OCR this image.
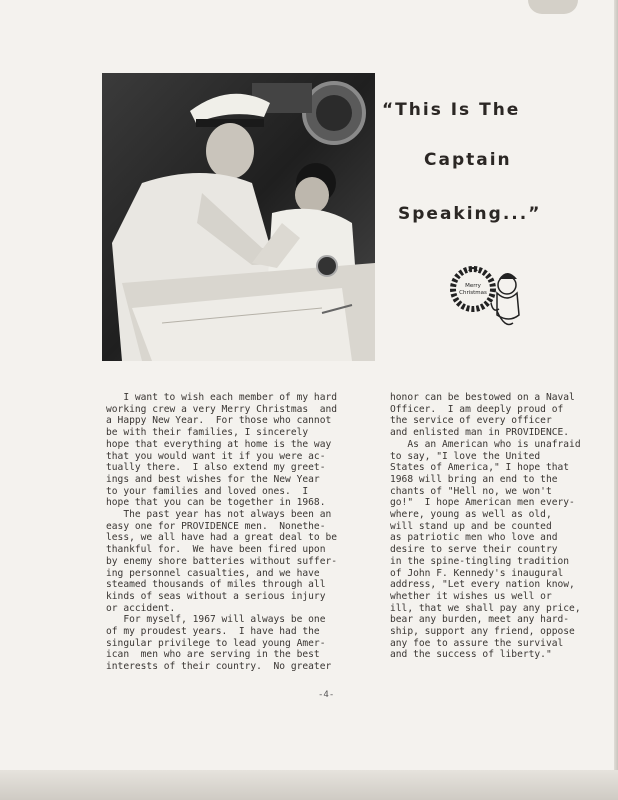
“This Is The
Captain
Speaking...”
Merry
Christmas

I want to wish each member of my hard

working crew a very Merry Christmas  and

a Happy New Year.  For those who cannot

be with their families, I sincerely

hope that everything at home is the way

that you would want it if you were ac-

tually there.  I also extend my greet-

ings and best wishes for the New Year

to your families and loved ones.  I

hope that you can be together in 1968.

The past year has not always been an

easy one for PROVIDENCE men.  Nonethe-

less, we all have had a great deal to be

thankful for.  We have been fired upon

by enemy shore batteries without suffer-

ing personnel casualties, and we have

steamed thousands of miles through all

kinds of seas without a serious injury

or accident.

For myself, 1967 will always be one

of my proudest years.  I have had the

singular privilege to lead young Amer-

ican  men who are serving in the best

interests of their country.  No greater

honor can be bestowed on a Naval

Officer.  I am deeply proud of

the service of every officer

and enlisted man in PROVIDENCE.

As an American who is unafraid

to say, "I love the United

States of America," I hope that

1968 will bring an end to the

chants of "Hell no, we won't

go!"  I hope American men every-

where, young as well as old,

will stand up and be counted

as patriotic men who love and

desire to serve their country

in the spine-tingling tradition

of John F. Kennedy's inaugural

address, "Let every nation know,

whether it wishes us well or

ill, that we shall pay any price,

bear any burden, meet any hard-

ship, support any friend, oppose

any foe to assure the survival

and the success of liberty."

-4-
